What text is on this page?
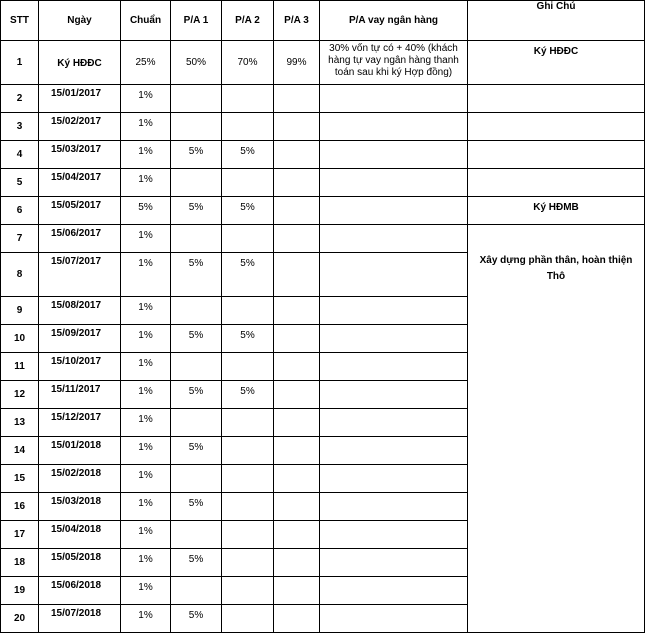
STT	Ngày	Chuẩn	P/A 1	P/A 2	P/A 3	P/A vay ngân hàng	Ghi Chú
1	Ký HĐĐC	25%	50%	70%	99%	30% vốn tự có + 40% (khách hàng tự vay ngân hàng thanh toán sau khi ký Hợp đồng)	Ký HĐĐC
2	15/01/2017	1%					
3	15/02/2017	1%					
4	15/03/2017	1%	5%	5%			
5	15/04/2017	1%					
6	15/05/2017	5%	5%	5%			Ký HĐMB
7	15/06/2017	1%					Xây dựng phần thân, hoàn thiện Thô
8	15/07/2017	1%	5%	5%			
9	15/08/2017	1%					
10	15/09/2017	1%	5%	5%			
11	15/10/2017	1%					
12	15/11/2017	1%	5%	5%			
13	15/12/2017	1%					
14	15/01/2018	1%	5%				
15	15/02/2018	1%					
16	15/03/2018	1%	5%				
17	15/04/2018	1%					
18	15/05/2018	1%	5%				
19	15/06/2018	1%					
20	15/07/2018	1%	5%				
